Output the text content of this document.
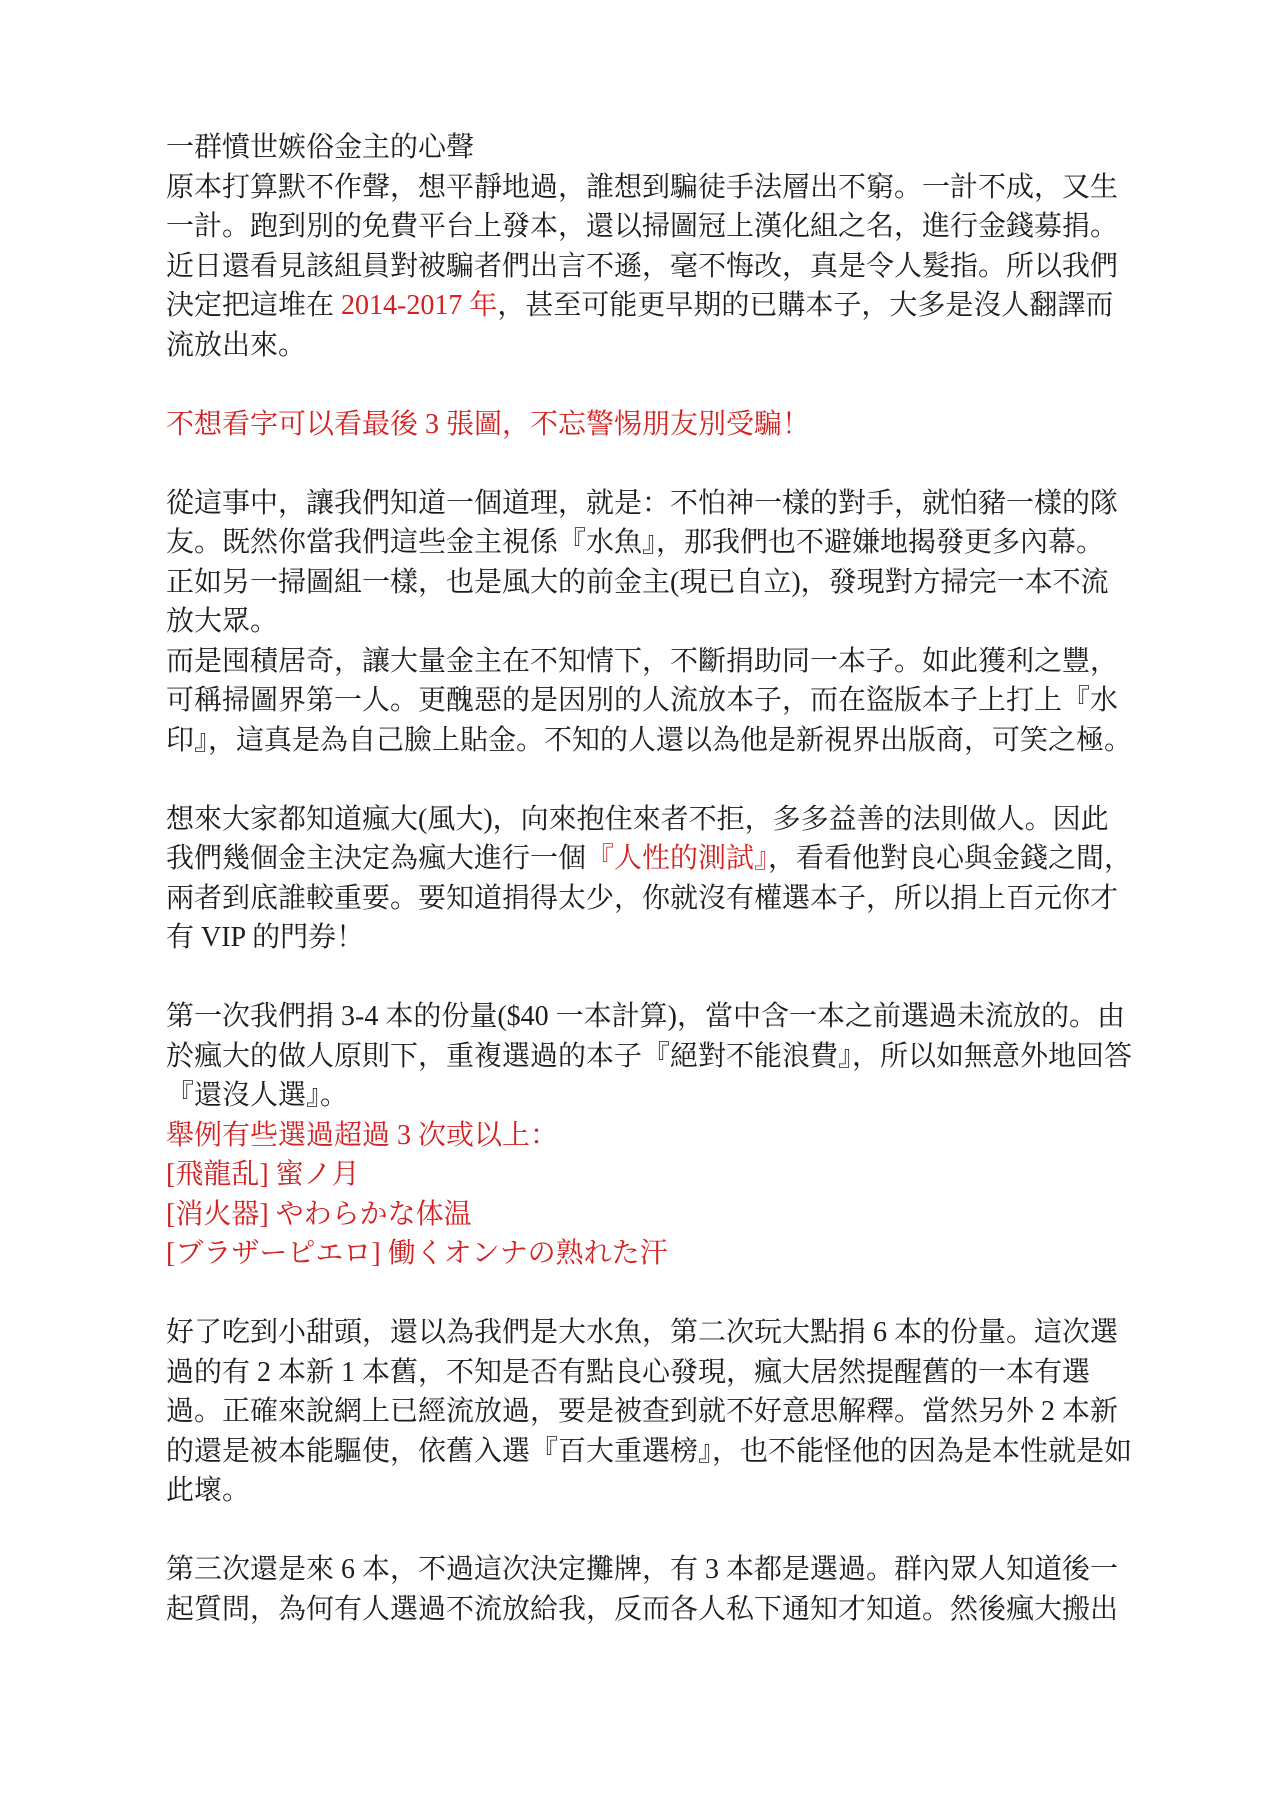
一群憤世嫉俗金主的心聲
原本打算默不作聲，想平靜地過，誰想到騙徒手法層出不窮。一計不成，又生
一計。跑到別的免費平台上發本，還以掃圖冠上漢化組之名，進行金錢募捐。
近日還看見該組員對被騙者們出言不遜，毫不悔改，真是令人髮指。所以我們
決定把這堆在 2014-2017 年，甚至可能更早期的已購本子，大多是沒人翻譯而
流放出來。
不想看字可以看最後 3 張圖，不忘警惕朋友別受騙！
從這事中，讓我們知道一個道理，就是：不怕神一樣的對手，就怕豬一樣的隊
友。既然你當我們這些金主視係『水魚』，那我們也不避嫌地揭發更多內幕。
正如另一掃圖組一樣，也是風大的前金主(現已自立)，發現對方掃完一本不流
放大眾。
而是囤積居奇，讓大量金主在不知情下，不斷捐助同一本子。如此獲利之豐，
可稱掃圖界第一人。更醜惡的是因別的人流放本子，而在盜版本子上打上『水
印』，這真是為自己臉上貼金。不知的人還以為他是新視界出版商，可笑之極。
想來大家都知道瘋大(風大)，向來抱住來者不拒，多多益善的法則做人。因此
我們幾個金主決定為瘋大進行一個『人性的測試』，看看他對良心與金錢之間，
兩者到底誰較重要。要知道捐得太少，你就沒有權選本子，所以捐上百元你才
有 VIP 的門券！
第一次我們捐 3-4 本的份量($40 一本計算)，當中含一本之前選過未流放的。由
於瘋大的做人原則下，重複選過的本子『絕對不能浪費』，所以如無意外地回答
『還沒人選』。
舉例有些選過超過 3 次或以上：
[飛龍乱] 蜜ノ月
[消火器] やわらかな体温
[ブラザーピエロ] 働くオンナの熟れた汗
好了吃到小甜頭，還以為我們是大水魚，第二次玩大點捐 6 本的份量。這次選
過的有 2 本新 1 本舊，不知是否有點良心發現，瘋大居然提醒舊的一本有選
過。正確來說網上已經流放過，要是被查到就不好意思解釋。當然另外 2 本新
的還是被本能驅使，依舊入選『百大重選榜』，也不能怪他的因為是本性就是如
此壞。
第三次還是來 6 本，不過這次決定攤牌，有 3 本都是選過。群內眾人知道後一
起質問，為何有人選過不流放給我，反而各人私下通知才知道。然後瘋大搬出
